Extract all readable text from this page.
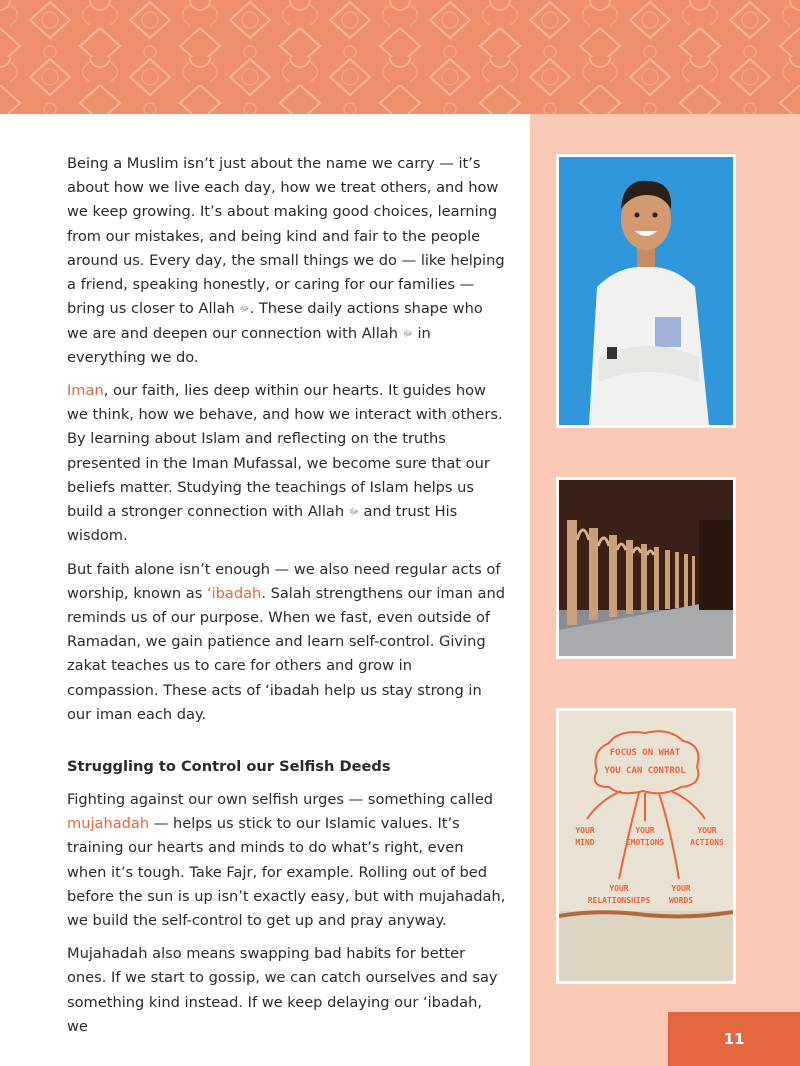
Being a Muslim isn’t just about the name we carry — it’s about how we live each day, how we treat others, and how we keep growing. It’s about making good choices, learning from our mistakes, and being kind and fair to the people around us. Every day, the small things we do — like helping a friend, speaking honestly, or caring for our families — bring us closer to Allah ﷻ. These daily actions shape who we are and deepen our connection with Allah ﷻ in everything we do.

Iman, our faith, lies deep within our hearts. It guides how we think, how we behave, and how we interact with others. By learning about Islam and reflecting on the truths presented in the Iman Mufassal, we become sure that our beliefs matter. Studying the teachings of Islam helps us build a stronger connection with Allah ﷻ and trust His wisdom.

But faith alone isn’t enough — we also need regular acts of worship, known as ‘ibadah. Salah strengthens our iman and reminds us of our purpose. When we fast, even outside of Ramadan, we gain patience and learn self-control. Giving zakat teaches us to care for others and grow in compassion. These acts of ‘ibadah help us stay strong in our iman each day.

Struggling to Control our Selfish Deeds

Fighting against our own selfish urges — something called mujahadah — helps us stick to our Islamic values. It’s training our hearts and minds to do what’s right, even when it’s tough. Take Fajr, for example. Rolling out of bed before the sun is up isn’t exactly easy, but with mujahadah, we build the self-control to get up and pray anyway.

Mujahadah also means swapping bad habits for better ones. If we start to gossip, we can catch ourselves and say something kind instead. If we keep delaying our ‘ibadah, we

FOCUS ON WHAT
YOU CAN CONTROL
YOUR
MIND
YOUR
EMOTIONS
YOUR
ACTIONS
YOUR
RELATIONSHIPS
YOUR
WORDS
11
